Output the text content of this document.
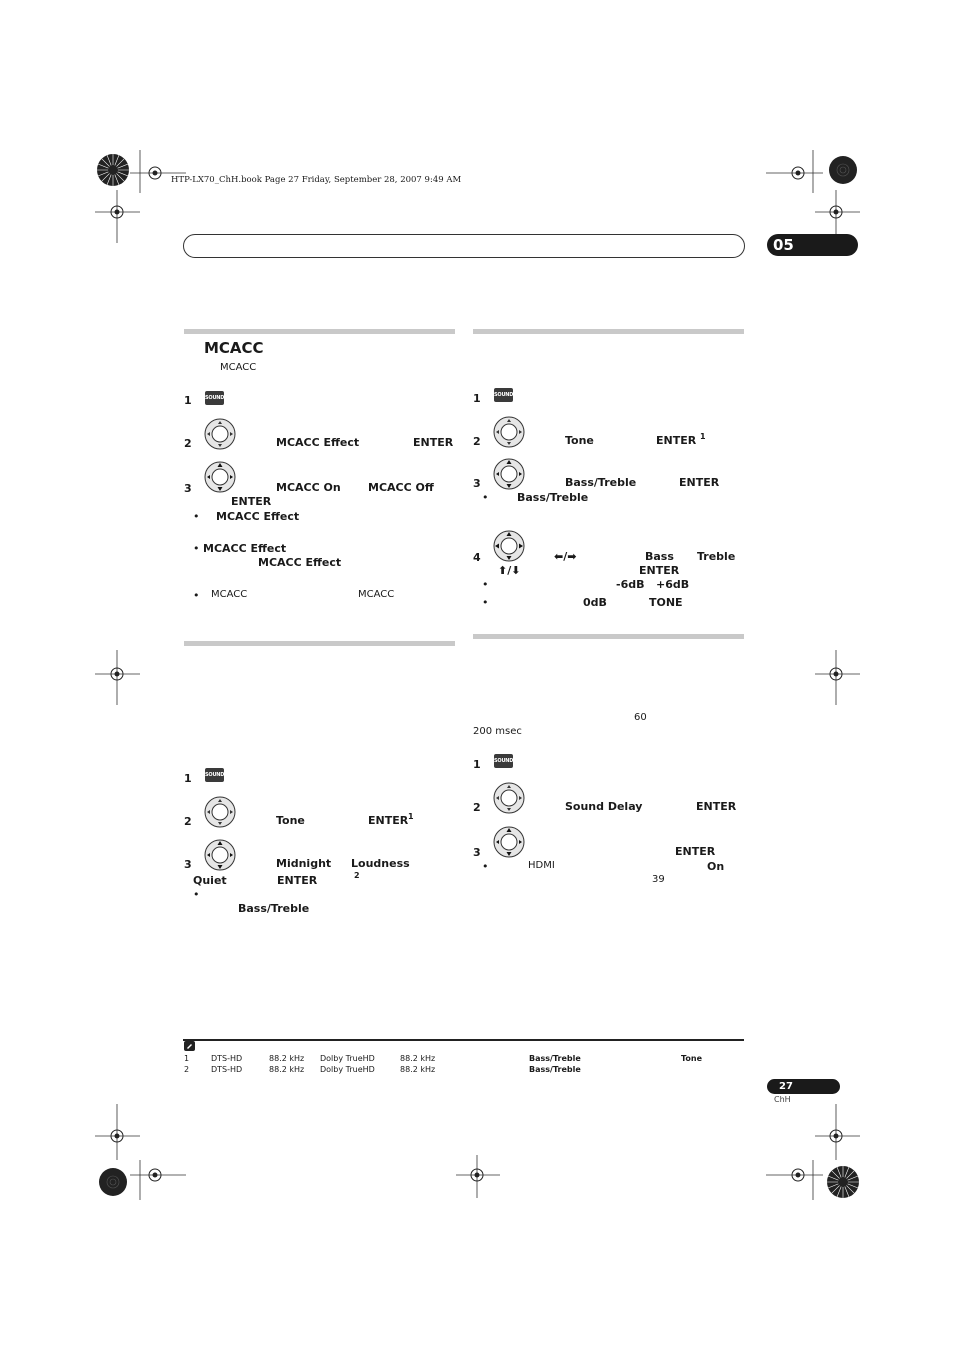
HTP-LX70_ChH.book Page 27 Friday, September 28, 2007 9:49 AM
05
MCACC
MCACC
1	SOUND
2	MCACC Effect	ENTER
3	MCACC On MCACC Off
ENTER
• MCACC Effect
• MCACC Effect
MCACC Effect
• MCACC	MCACC
1	SOUND
2	Tone	ENTER 1
3	Midnight Loudness
Quiet	ENTER	2
•
Bass/Treble
1	SOUND
2	Tone	ENTER 1
3	Bass/Treble	ENTER
•	Bass/Treble
4	⬅/➡	Bass Treble
⬆/⬇	ENTER
•	-6dB +6dB
•	0dB	TONE
60
200 msec
1	SOUND
2	Sound Delay	ENTER
3	ENTER
•	HDMI	On
39
1	DTS-HD	88.2 kHz Dolby TrueHD	88.2 kHz	Bass/Treble	Tone
2	DTS-HD	88.2 kHz Dolby TrueHD	88.2 kHz	Bass/Treble
27
ChH
